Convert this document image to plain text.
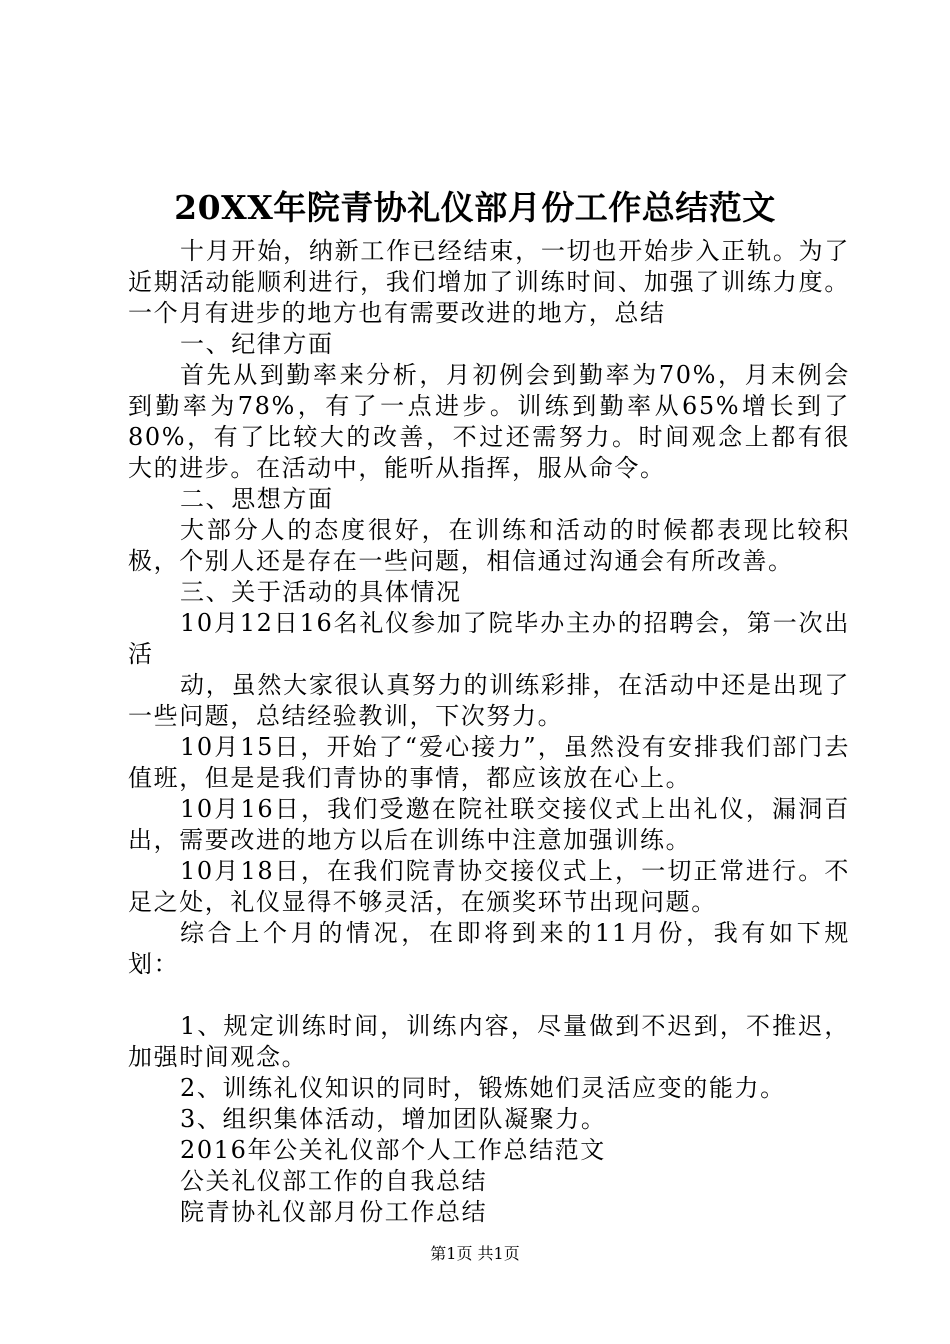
20XX年院青协礼仪部月份工作总结范文

十月开始，纳新工作已经结束，一切也开始步入正轨。为了近期活动能顺利进行，我们增加了训练时间、加强了训练力度。一个月有进步的地方也有需要改进的地方，总结

一、纪律方面

首先从到勤率来分析，月初例会到勤率为70%，月末例会到勤率为78%，有了一点进步。训练到勤率从65%增长到了80%，有了比较大的改善，不过还需努力。时间观念上都有很大的进步。在活动中，能听从指挥，服从命令。

二、思想方面

大部分人的态度很好，在训练和活动的时候都表现比较积极，个别人还是存在一些问题，相信通过沟通会有所改善。

三、关于活动的具体情况

10月12日16名礼仪参加了院毕办主办的招聘会，第一次出活

动，虽然大家很认真努力的训练彩排，在活动中还是出现了一些问题，总结经验教训，下次努力。

10月15日，开始了“爱心接力”，虽然没有安排我们部门去值班，但是是我们青协的事情，都应该放在心上。

10月16日，我们受邀在院社联交接仪式上出礼仪，漏洞百出，需要改进的地方以后在训练中注意加强训练。

10月18日，在我们院青协交接仪式上，一切正常进行。不足之处，礼仪显得不够灵活，在颁奖环节出现问题。

综合上个月的情况，在即将到来的11月份，我有如下规划：

1、规定训练时间，训练内容，尽量做到不迟到，不推迟，加强时间观念。

2、训练礼仪知识的同时，锻炼她们灵活应变的能力。

3、组织集体活动，增加团队凝聚力。

2016年公关礼仪部个人工作总结范文

公关礼仪部工作的自我总结

院青协礼仪部月份工作总结

第1页 共1页
